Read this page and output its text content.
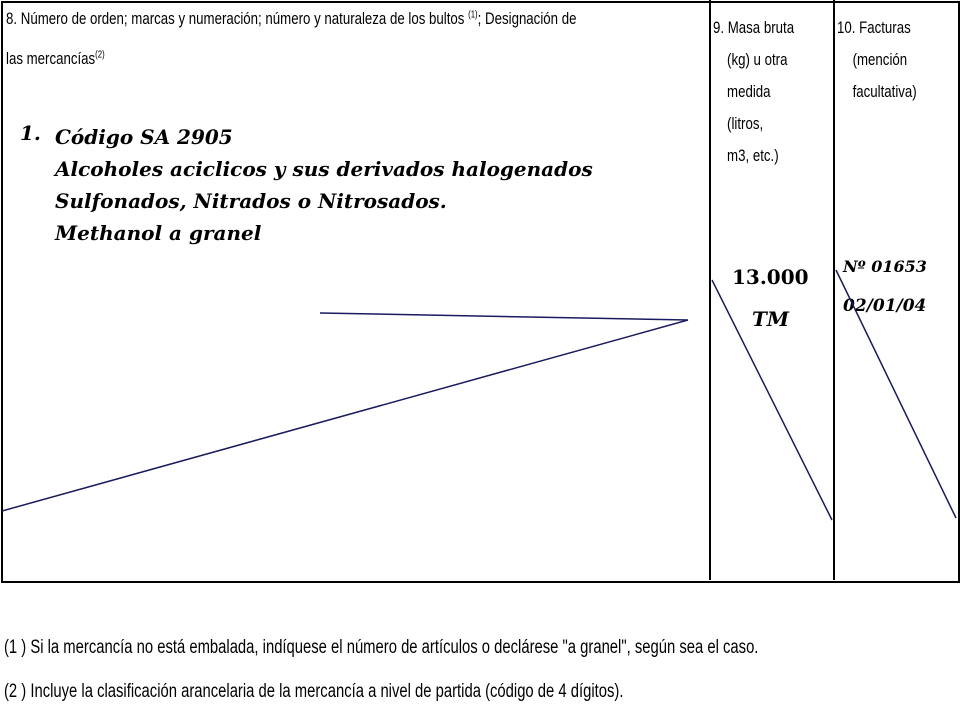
8. Número de orden; marcas y numeración; número y naturaleza de los bultos $^{(1)}$; Designación de
las mercancías$^{(2)}$
1. Código SA 2905
Alcoholes aciclicos y sus derivados halogenados
Sulfonados, Nitrados o Nitrosados.
Methanol a granel
9. Masa bruta
(kg) u otra
medida
(litros,
m3, etc.)
13.000
TM
10. Facturas
(mención
facultativa)
Nº 01653
02/01/04
(1 ) Si la mercancía no está embalada, indíquese el número de artículos o declárese "a granel", según sea el caso.
(2 ) Incluye la clasificación arancelaria de la mercancía a nivel de partida (código de 4 dígitos).
